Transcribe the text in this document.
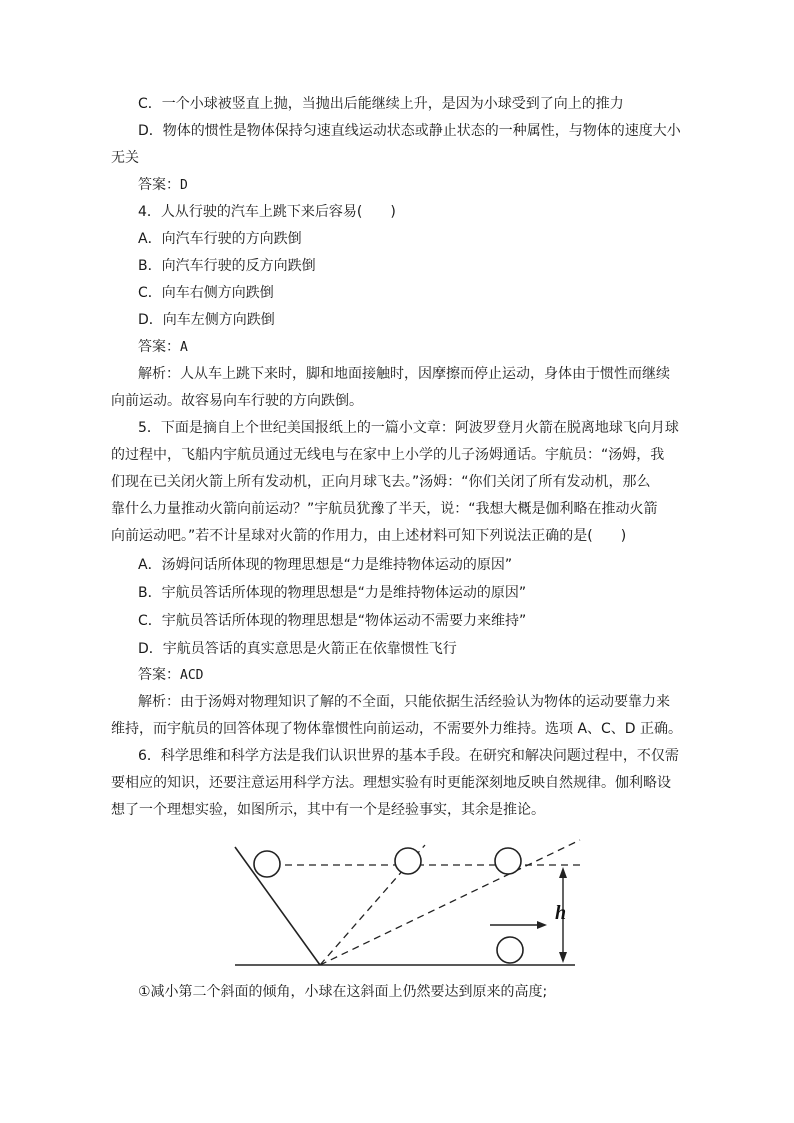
C．一个小球被竖直上抛，当抛出后能继续上升，是因为小球受到了向上的推力
D．物体的惯性是物体保持匀速直线运动状态或静止状态的一种属性，与物体的速度大小
无关
答案：D
4．人从行驶的汽车上跳下来后容易(　　)
A．向汽车行驶的方向跌倒
B．向汽车行驶的反方向跌倒
C．向车右侧方向跌倒
D．向车左侧方向跌倒
答案：A
解析：人从车上跳下来时，脚和地面接触时，因摩擦而停止运动，身体由于惯性而继续
向前运动。故容易向车行驶的方向跌倒。
5．下面是摘自上个世纪美国报纸上的一篇小文章：阿波罗登月火箭在脱离地球飞向月球
的过程中，飞船内宇航员通过无线电与在家中上小学的儿子汤姆通话。宇航员：“汤姆，我
们现在已关闭火箭上所有发动机，正向月球飞去。”汤姆：“你们关闭了所有发动机，那么
靠什么力量推动火箭向前运动？”宇航员犹豫了半天，说：“我想大概是伽利略在推动火箭
向前运动吧。”若不计星球对火箭的作用力，由上述材料可知下列说法正确的是(　　)
A．汤姆问话所体现的物理思想是“力是维持物体运动的原因”
B．宇航员答话所体现的物理思想是“力是维持物体运动的原因”
C．宇航员答话所体现的物理思想是“物体运动不需要力来维持”
D．宇航员答话的真实意思是火箭正在依靠惯性飞行
答案：ACD
解析：由于汤姆对物理知识了解的不全面，只能依据生活经验认为物体的运动要靠力来
维持，而宇航员的回答体现了物体靠惯性向前运动，不需要外力维持。选项 A、C、D 正确。
6．科学思维和科学方法是我们认识世界的基本手段。在研究和解决问题过程中，不仅需
要相应的知识，还要注意运用科学方法。理想实验有时更能深刻地反映自然规律。伽利略设
想了一个理想实验，如图所示，其中有一个是经验事实，其余是推论。
h
①减小第二个斜面的倾角，小球在这斜面上仍然要达到原来的高度;
